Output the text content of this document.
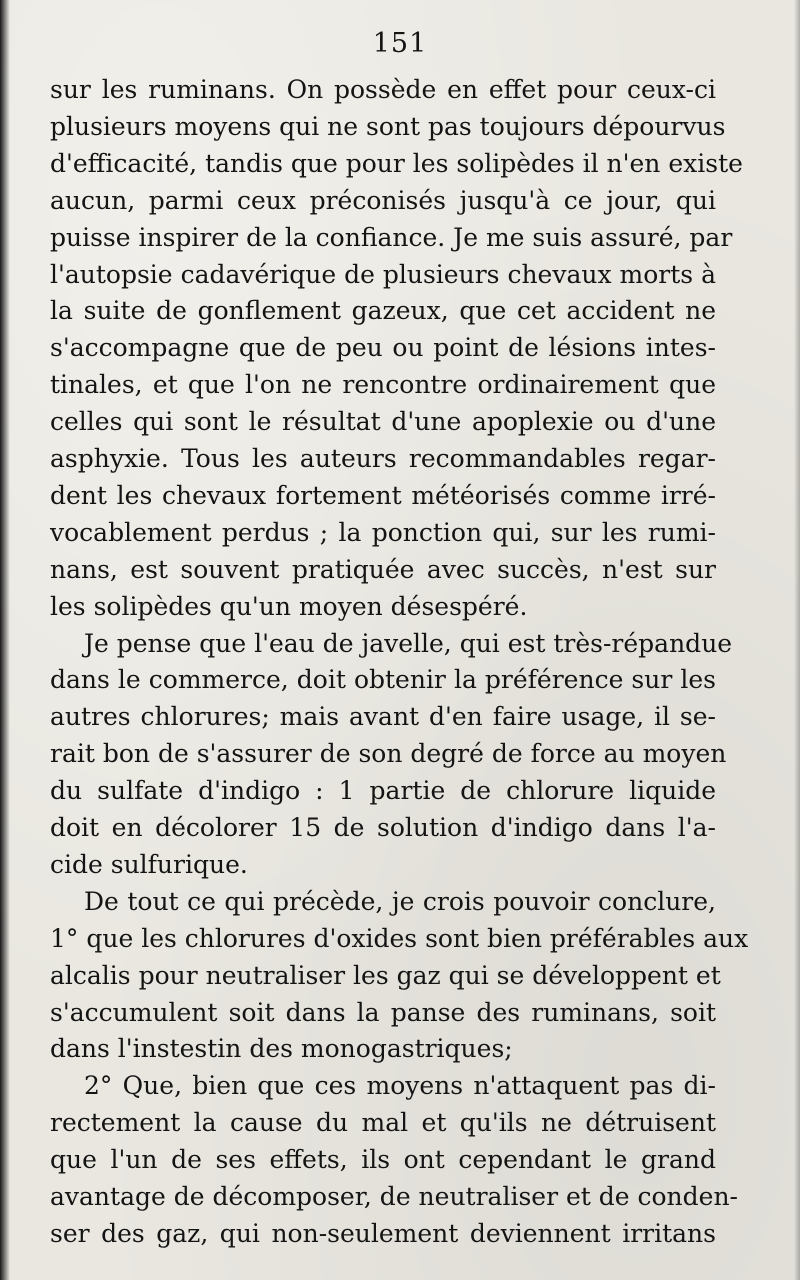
151
sur les ruminans. On possède en effet pour ceux-ci
plusieurs moyens qui ne sont pas toujours dépourvus
d'efficacité, tandis que pour les solipèdes il n'en existe
aucun, parmi ceux préconisés jusqu'à ce jour, qui
puisse inspirer de la confiance. Je me suis assuré, par
l'autopsie cadavérique de plusieurs chevaux morts à
la suite de gonflement gazeux, que cet accident ne
s'accompagne que de peu ou point de lésions intes-
tinales, et que l'on ne rencontre ordinairement que
celles qui sont le résultat d'une apoplexie ou d'une
asphyxie. Tous les auteurs recommandables regar-
dent les chevaux fortement météorisés comme irré-
vocablement perdus ; la ponction qui, sur les rumi-
nans, est souvent pratiquée avec succès, n'est sur
les solipèdes qu'un moyen désespéré.
Je pense que l'eau de javelle, qui est très-répandue
dans le commerce, doit obtenir la préférence sur les
autres chlorures; mais avant d'en faire usage, il se-
rait bon de s'assurer de son degré de force au moyen
du sulfate d'indigo : 1 partie de chlorure liquide
doit en décolorer 15 de solution d'indigo dans l'a-
cide sulfurique.
De tout ce qui précède, je crois pouvoir conclure,
1° que les chlorures d'oxides sont bien préférables aux
alcalis pour neutraliser les gaz qui se développent et
s'accumulent soit dans la panse des ruminans, soit
dans l'instestin des monogastriques;
2° Que, bien que ces moyens n'attaquent pas di-
rectement la cause du mal et qu'ils ne détruisent
que l'un de ses effets, ils ont cependant le grand
avantage de décomposer, de neutraliser et de conden-
ser des gaz, qui non-seulement deviennent irritans
